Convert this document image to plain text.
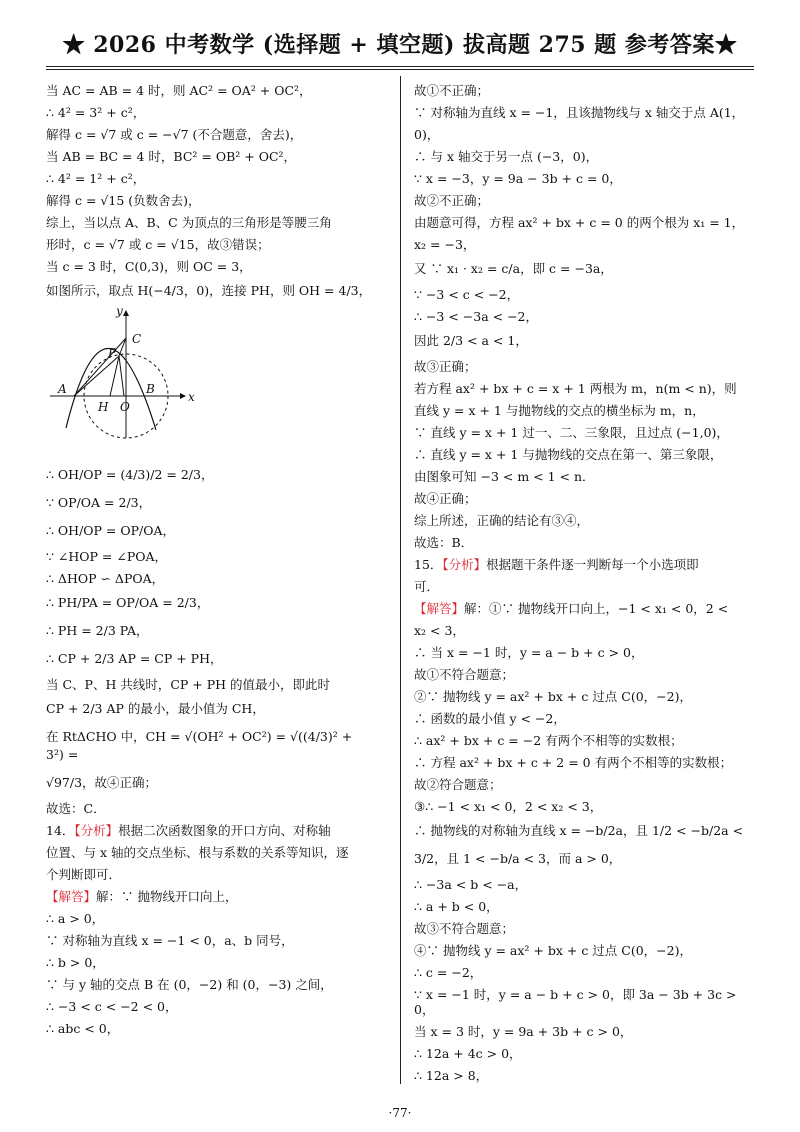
★ 2026 中考数学 (选择题 + 填空题) 拔高题 275 题 参考答案★

当 AC = AB = 4 时，则 AC² = OA² + OC²，

∴ 4² = 3² + c²，

解得 c = √7 或 c = −√7 (不合题意，舍去)，

当 AB = BC = 4 时，BC² = OB² + OC²，

∴ 4² = 1² + c²，

解得 c = √15 (负数舍去)，

综上，当以点 A、B、C 为顶点的三角形是等腰三角

形时，c = √7 或 c = √15，故③错误；

当 c = 3 时，C(0,3)，则 OC = 3，

如图所示，取点 H(−4/3，0)，连接 PH，则 OH = 4/3，

y
C
P
A	B
H O
x

∴ OH/OP = (4/3)/2 = 2/3，

∵ OP/OA = 2/3，

∴ OH/OP = OP/OA，

∵ ∠HOP = ∠POA，

∴ ΔHOP ∽ ΔPOA，

∴ PH/PA = OP/OA = 2/3，

∴ PH = 2/3 PA，

∴ CP + 2/3 AP = CP + PH，

当 C、P、H 共线时，CP + PH 的值最小，即此时

CP + 2/3 AP 的最小，最小值为 CH，

在 RtΔCHO 中，CH = √(OH² + OC²) = √((4/3)² + 3²) =

√97/3，故④正确；

故选：C．

14．【分析】根据二次函数图象的开口方向、对称轴

位置、与 x 轴的交点坐标、根与系数的关系等知识，逐

个判断即可．

【解答】解：∵ 抛物线开口向上，

∴ a > 0，

∵ 对称轴为直线 x = −1 < 0，a、b 同号，

∴ b > 0，

∵ 与 y 轴的交点 B 在 (0，−2) 和 (0，−3) 之间，

∴ −3 < c < −2 < 0，

∴ abc < 0，

故①不正确；

∵ 对称轴为直线 x = −1，且该抛物线与 x 轴交于点 A(1，

0)，

∴ 与 x 轴交于另一点 (−3，0)，

∵ x = −3，y = 9a − 3b + c = 0，

故②不正确；

由题意可得，方程 ax² + bx + c = 0 的两个根为 x₁ = 1，

x₂ = −3，

又 ∵ x₁ · x₂ = c/a，即 c = −3a，

∵ −3 < c < −2，

∴ −3 < −3a < −2，

因此 2/3 < a < 1，

故③正确；

若方程 ax² + bx + c = x + 1 两根为 m，n(m < n)，则

直线 y = x + 1 与抛物线的交点的横坐标为 m，n，

∵ 直线 y = x + 1 过一、二、三象限，且过点 (−1,0)，

∴ 直线 y = x + 1 与抛物线的交点在第一、第三象限，

由图象可知 −3 < m < 1 < n．

故④正确；

综上所述，正确的结论有③④，

故选：B．

15．【分析】根据题干条件逐一判断每一个小选项即

可．

【解答】解：①∵ 抛物线开口向上，−1 < x₁ < 0，2 <

x₂ < 3，

∴ 当 x = −1 时，y = a − b + c > 0，

故①不符合题意；

②∵ 抛物线 y = ax² + bx + c 过点 C(0，−2)，

∴ 函数的最小值 y < −2，

∴ ax² + bx + c = −2 有两个不相等的实数根；

∴ 方程 ax² + bx + c + 2 = 0 有两个不相等的实数根；

故②符合题意；

③∴ −1 < x₁ < 0，2 < x₂ < 3，

∴ 抛物线的对称轴为直线 x = −b/2a，且 1/2 < −b/2a <

3/2，且 1 < −b/a < 3，而 a > 0，

∴ −3a < b < −a，

∴ a + b < 0，

故③不符合题意；

④∵ 抛物线 y = ax² + bx + c 过点 C(0，−2)，

∴ c = −2，

∵ x = −1 时，y = a − b + c > 0，即 3a − 3b + 3c > 0，

当 x = 3 时，y = 9a + 3b + c > 0，

∴ 12a + 4c > 0，

∴ 12a > 8，

·77·
